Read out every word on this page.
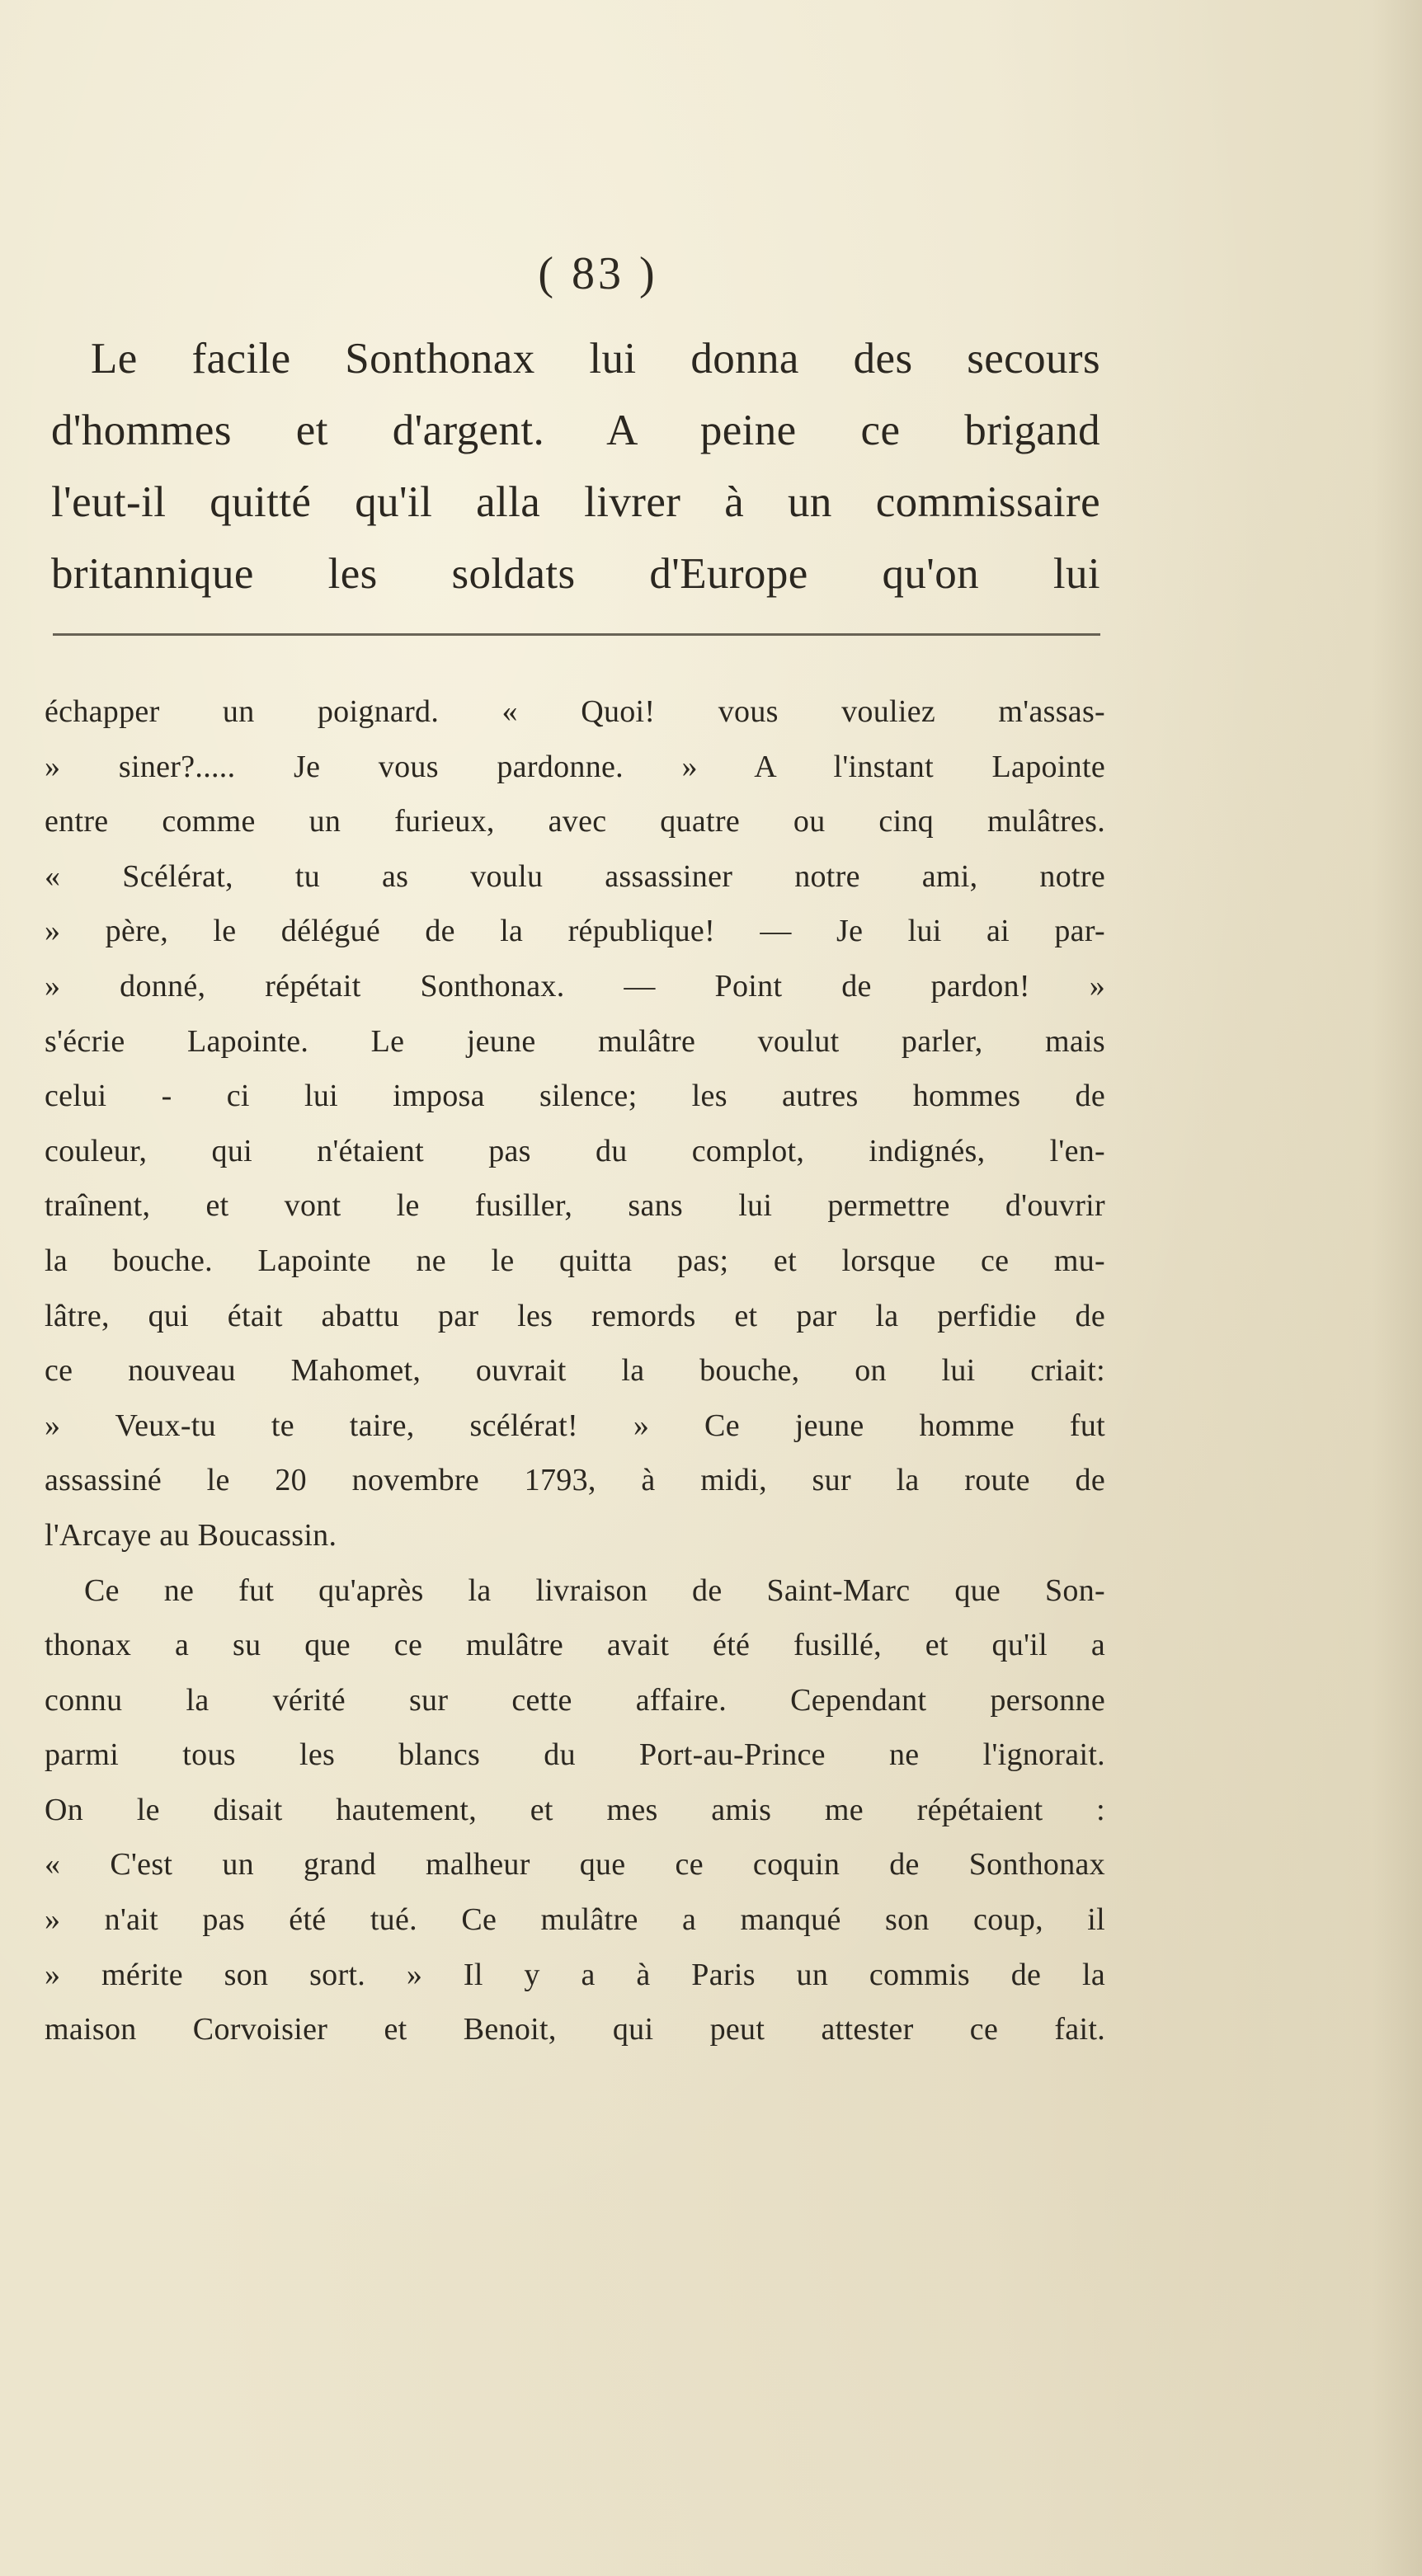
( 83 )
Le facile Sonthonax lui donna des secours
d'hommes et d'argent. A peine ce brigand
l'eut-il quitté qu'il alla livrer à un commissaire
britannique les soldats d'Europe qu'on lui
échapper un poignard. « Quoi! vous vouliez m'assas-
» siner?..... Je vous pardonne. » A l'instant Lapointe
entre comme un furieux, avec quatre ou cinq mulâtres.
« Scélérat, tu as voulu assassiner notre ami, notre
» père, le délégué de la république! — Je lui ai par-
» donné, répétait Sonthonax. — Point de pardon! »
s'écrie Lapointe. Le jeune mulâtre voulut parler, mais
celui - ci lui imposa silence; les autres hommes de
couleur, qui n'étaient pas du complot, indignés, l'en-
traînent, et vont le fusiller, sans lui permettre d'ouvrir
la bouche. Lapointe ne le quitta pas; et lorsque ce mu-
lâtre, qui était abattu par les remords et par la perfidie de
ce nouveau Mahomet, ouvrait la bouche, on lui criait:
» Veux-tu te taire, scélérat! » Ce jeune homme fut
assassiné le 20 novembre 1793, à midi, sur la route de
l'Arcaye au Boucassin.
Ce ne fut qu'après la livraison de Saint-Marc que Son-
thonax a su que ce mulâtre avait été fusillé, et qu'il a
connu la vérité sur cette affaire. Cependant personne
parmi tous les blancs du Port-au-Prince ne l'ignorait.
On le disait hautement, et mes amis me répétaient :
« C'est un grand malheur que ce coquin de Sonthonax
» n'ait pas été tué. Ce mulâtre a manqué son coup, il
» mérite son sort. » Il y a à Paris un commis de la
maison Corvoisier et Benoit, qui peut attester ce fait.
